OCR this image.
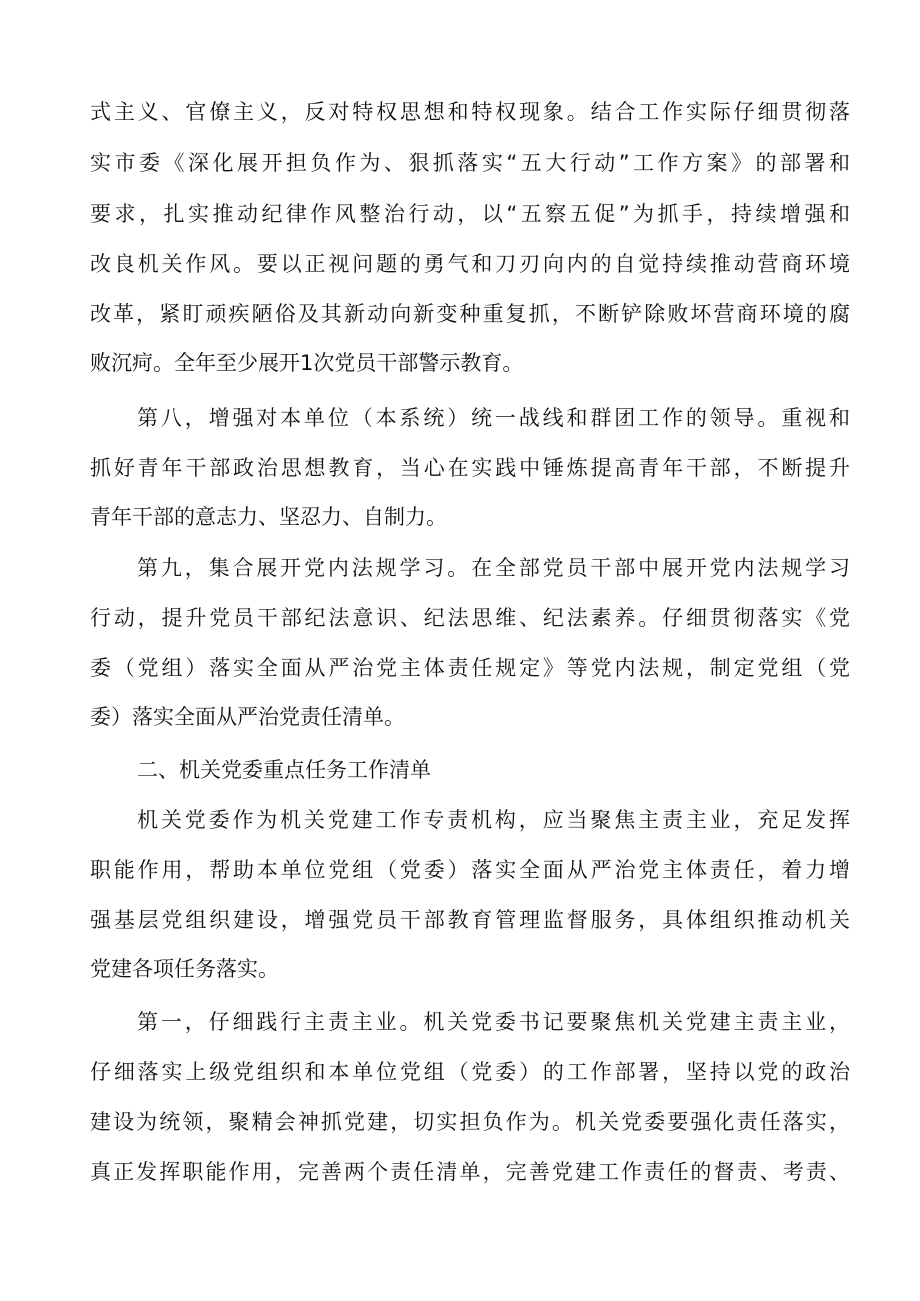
式主义、官僚主义，反对特权思想和特权现象。结合工作实际仔细贯彻落
实市委《深化展开担负作为、狠抓落实“五大行动”工作方案》的部署和
要求，扎实推动纪律作风整治行动，以“五察五促”为抓手，持续增强和
改良机关作风。要以正视问题的勇气和刀刃向内的自觉持续推动营商环境
改革，紧盯顽疾陋俗及其新动向新变种重复抓，不断铲除败坏营商环境的腐
败沉疴。全年至少展开1次党员干部警示教育。
第八，增强对本单位（本系统）统一战线和群团工作的领导。重视和
抓好青年干部政治思想教育，当心在实践中锤炼提高青年干部，不断提升
青年干部的意志力、坚忍力、自制力。
第九，集合展开党内法规学习。在全部党员干部中展开党内法规学习
行动，提升党员干部纪法意识、纪法思维、纪法素养。仔细贯彻落实《党
委（党组）落实全面从严治党主体责任规定》等党内法规，制定党组（党
委）落实全面从严治党责任清单。
二、机关党委重点任务工作清单
机关党委作为机关党建工作专责机构，应当聚焦主责主业，充足发挥
职能作用，帮助本单位党组（党委）落实全面从严治党主体责任，着力增
强基层党组织建设，增强党员干部教育管理监督服务，具体组织推动机关
党建各项任务落实。
第一，仔细践行主责主业。机关党委书记要聚焦机关党建主责主业，
仔细落实上级党组织和本单位党组（党委）的工作部署，坚持以党的政治
建设为统领，聚精会神抓党建，切实担负作为。机关党委要强化责任落实，
真正发挥职能作用，完善两个责任清单，完善党建工作责任的督责、考责、
